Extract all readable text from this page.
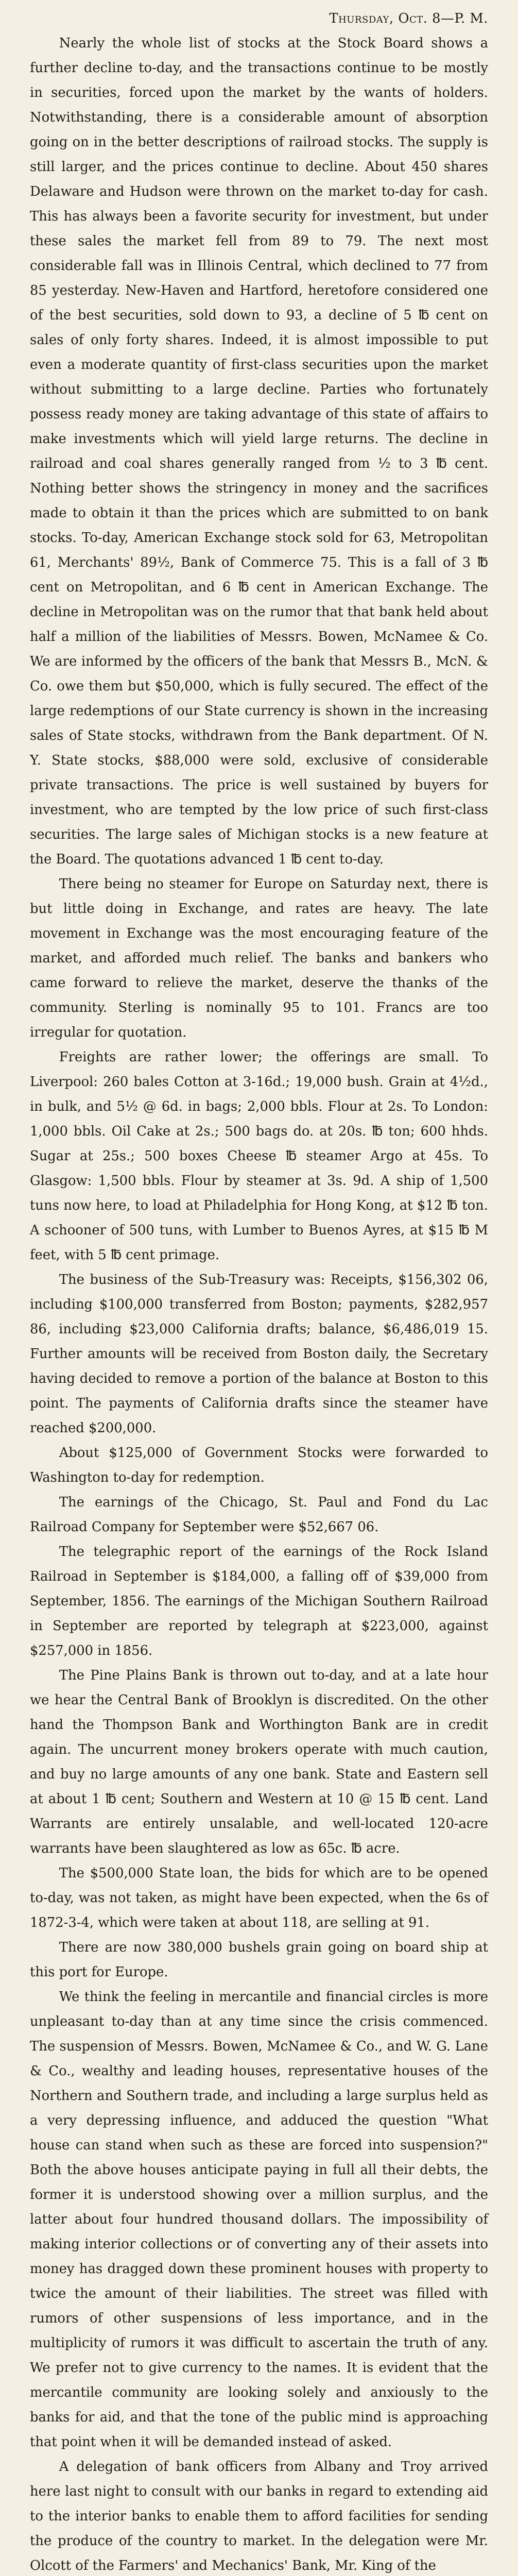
Thursday, Oct. 8—P. M.

Nearly the whole list of stocks at the Stock Board shows a further decline to-day, and the transactions continue to be mostly in securities, forced upon the market by the wants of holders. Notwithstanding, there is a considerable amount of absorption going on in the better descriptions of railroad stocks. The supply is still larger, and the prices continue to decline. About 450 shares Delaware and Hudson were thrown on the market to-day for cash. This has always been a favorite security for investment, but under these sales the market fell from 89 to 79. The next most considerable fall was in Illinois Central, which declined to 77 from 85 yesterday. New-Haven and Hartford, heretofore considered one of the best securities, sold down to 93, a decline of 5 ℔ cent on sales of only forty shares. Indeed, it is almost impossible to put even a moderate quantity of first-class securities upon the market without submitting to a large decline. Parties who fortunately possess ready money are taking advantage of this state of affairs to make investments which will yield large returns. The decline in railroad and coal shares generally ranged from ½ to 3 ℔ cent. Nothing better shows the stringency in money and the sacrifices made to obtain it than the prices which are submitted to on bank stocks. To-day, American Exchange stock sold for 63, Metropolitan 61, Merchants' 89½, Bank of Commerce 75. This is a fall of 3 ℔ cent on Metropolitan, and 6 ℔ cent in American Exchange. The decline in Metropolitan was on the rumor that that bank held about half a million of the liabilities of Messrs. Bowen, McNamee & Co. We are informed by the officers of the bank that Messrs B., McN. & Co. owe them but $50,000, which is fully secured. The effect of the large redemptions of our State currency is shown in the increasing sales of State stocks, withdrawn from the Bank department. Of N. Y. State stocks, $88,000 were sold, exclusive of considerable private transactions. The price is well sustained by buyers for investment, who are tempted by the low price of such first-class securities. The large sales of Michigan stocks is a new feature at the Board. The quotations advanced 1 ℔ cent to-day.

There being no steamer for Europe on Saturday next, there is but little doing in Exchange, and rates are heavy. The late movement in Exchange was the most encouraging feature of the market, and afforded much relief. The banks and bankers who came forward to relieve the market, deserve the thanks of the community. Sterling is nominally 95 to 101. Francs are too irregular for quotation.

Freights are rather lower; the offerings are small. To Liverpool: 260 bales Cotton at 3-16d.; 19,000 bush. Grain at 4½d., in bulk, and 5½ @ 6d. in bags; 2,000 bbls. Flour at 2s. To London: 1,000 bbls. Oil Cake at 2s.; 500 bags do. at 20s. ℔ ton; 600 hhds. Sugar at 25s.; 500 boxes Cheese ℔ steamer Argo at 45s. To Glasgow: 1,500 bbls. Flour by steamer at 3s. 9d. A ship of 1,500 tuns now here, to load at Philadelphia for Hong Kong, at $12 ℔ ton. A schooner of 500 tuns, with Lumber to Buenos Ayres, at $15 ℔ M feet, with 5 ℔ cent primage.

The business of the Sub-Treasury was: Receipts, $156,302 06, including $100,000 transferred from Boston; payments, $282,957 86, including $23,000 California drafts; balance, $6,486,019 15. Further amounts will be received from Boston daily, the Secretary having decided to remove a portion of the balance at Boston to this point. The payments of California drafts since the steamer have reached $200,000.

About $125,000 of Government Stocks were forwarded to Washington to-day for redemption.

The earnings of the Chicago, St. Paul and Fond du Lac Railroad Company for September were $52,667 06.

The telegraphic report of the earnings of the Rock Island Railroad in September is $184,000, a falling off of $39,000 from September, 1856. The earnings of the Michigan Southern Railroad in September are reported by telegraph at $223,000, against $257,000 in 1856.

The Pine Plains Bank is thrown out to-day, and at a late hour we hear the Central Bank of Brooklyn is discredited. On the other hand the Thompson Bank and Worthington Bank are in credit again. The uncurrent money brokers operate with much caution, and buy no large amounts of any one bank. State and Eastern sell at about 1 ℔ cent; Southern and Western at 10 @ 15 ℔ cent. Land Warrants are entirely unsalable, and well-located 120-acre warrants have been slaughtered as low as 65c. ℔ acre.

The $500,000 State loan, the bids for which are to be opened to-day, was not taken, as might have been expected, when the 6s of 1872-3-4, which were taken at about 118, are selling at 91.

There are now 380,000 bushels grain going on board ship at this port for Europe.

We think the feeling in mercantile and financial circles is more unpleasant to-day than at any time since the crisis commenced. The suspension of Messrs. Bowen, McNamee & Co., and W. G. Lane & Co., wealthy and leading houses, representative houses of the Northern and Southern trade, and including a large surplus held as a very depressing influence, and adduced the question "What house can stand when such as these are forced into suspension?" Both the above houses anticipate paying in full all their debts, the former it is understood showing over a million surplus, and the latter about four hundred thousand dollars. The impossibility of making interior collections or of converting any of their assets into money has dragged down these prominent houses with property to twice the amount of their liabilities. The street was filled with rumors of other suspensions of less importance, and in the multiplicity of rumors it was difficult to ascertain the truth of any. We prefer not to give currency to the names. It is evident that the mercantile community are looking solely and anxiously to the banks for aid, and that the tone of the public mind is approaching that point when it will be demanded instead of asked.

A delegation of bank officers from Albany and Troy arrived here last night to consult with our banks in regard to extending aid to the interior banks to enable them to afford facilities for sending the produce of the country to market. In the delegation were Mr. Olcott of the Farmers' and Mechanics' Bank, Mr. King of the
